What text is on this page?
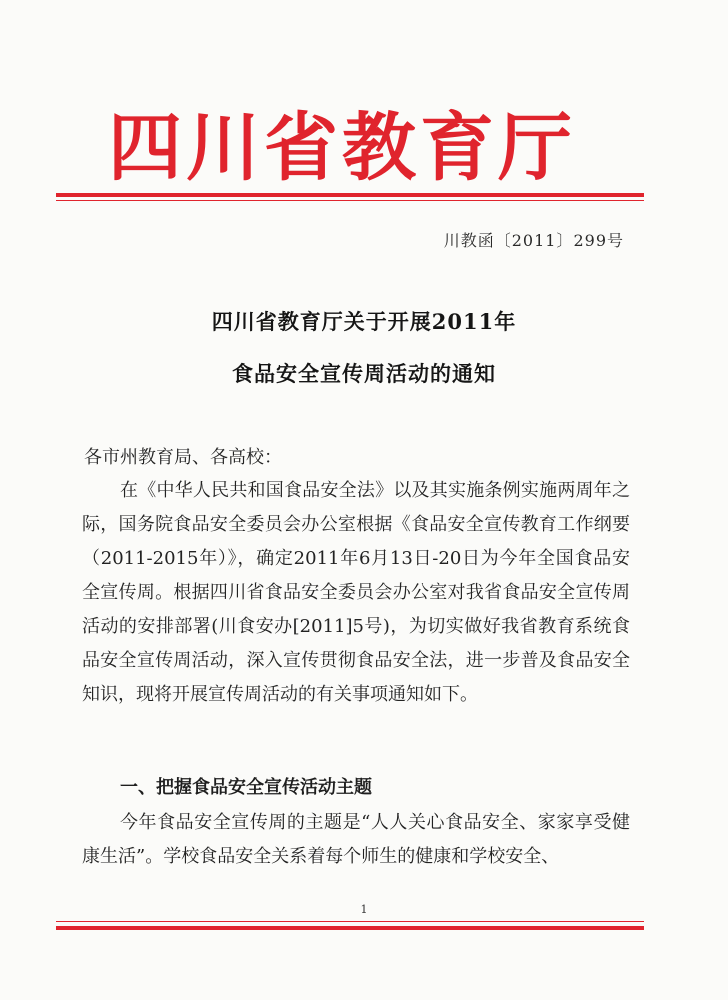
四川省教育厅
川教函〔2011〕299号
四川省教育厅关于开展2011年
食品安全宣传周活动的通知
各市州教育局、各高校：
在《中华人民共和国食品安全法》以及其实施条例实施两周年之际，国务院食品安全委员会办公室根据《食品安全宣传教育工作纲要（2011-2015年）》，确定2011年6月13日-20日为今年全国食品安全宣传周。根据四川省食品安全委员会办公室对我省食品安全宣传周活动的安排部署(川食安办[2011]5号)，为切实做好我省教育系统食品安全宣传周活动，深入宣传贯彻食品安全法，进一步普及食品安全知识，现将开展宣传周活动的有关事项通知如下。
一、把握食品安全宣传活动主题
今年食品安全宣传周的主题是“人人关心食品安全、家家享受健康生活”。学校食品安全关系着每个师生的健康和学校安全、
1
